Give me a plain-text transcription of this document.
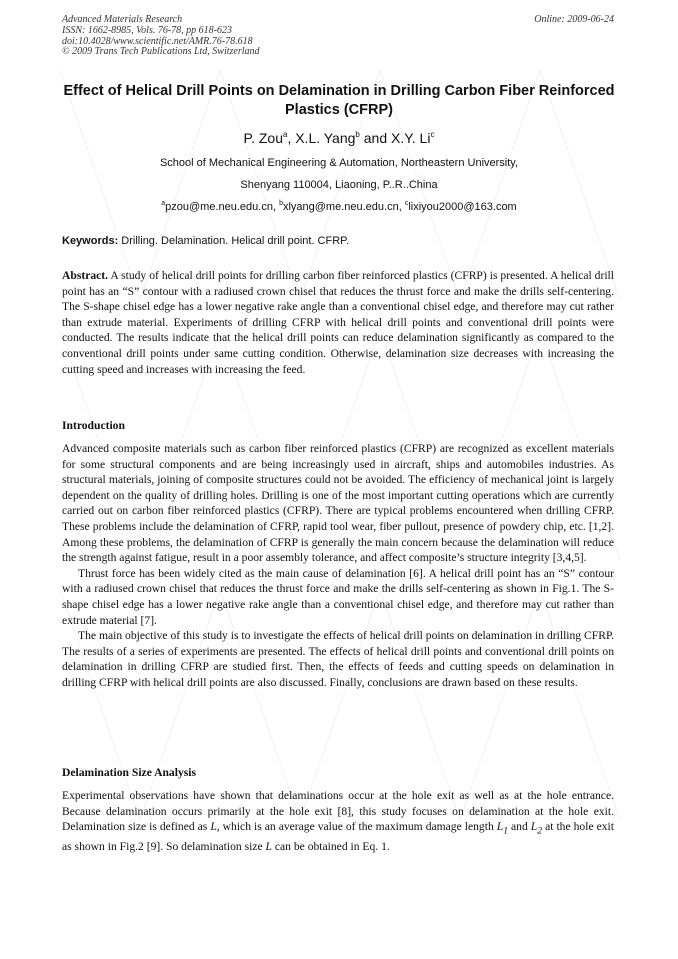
Advanced Materials Research
ISSN: 1662-8985, Vols. 76-78, pp 618-623
doi:10.4028/www.scientific.net/AMR.76-78.618
© 2009 Trans Tech Publications Ltd, Switzerland
Online: 2009-06-24
Effect of Helical Drill Points on Delamination in Drilling Carbon Fiber Reinforced Plastics (CFRP)
P. Zou$^a$, X.L. Yang$^b$ and X.Y. Li$^c$
School of Mechanical Engineering & Automation, Northeastern University,
Shenyang 110004, Liaoning, P..R..China
$^a$pzou@me.neu.edu.cn, $^b$xlyang@me.neu.edu.cn, $^c$lixiyou2000@163.com
Keywords: Drilling. Delamination. Helical drill point. CFRP.

Abstract. A study of helical drill points for drilling carbon fiber reinforced plastics (CFRP) is presented. A helical drill point has an “S” contour with a radiused crown chisel that reduces the thrust force and make the drills self-centering. The S-shape chisel edge has a lower negative rake angle than a conventional chisel edge, and therefore may cut rather than extrude material. Experiments of drilling CFRP with helical drill points and conventional drill points were conducted. The results indicate that the helical drill points can reduce delamination significantly as compared to the conventional drill points under same cutting condition. Otherwise, delamination size decreases with increasing the cutting speed and increases with increasing the feed.

Introduction

Advanced composite materials such as carbon fiber reinforced plastics (CFRP) are recognized as excellent materials for some structural components and are being increasingly used in aircraft, ships and automobiles industries. As structural materials, joining of composite structures could not be avoided. The efficiency of mechanical joint is largely dependent on the quality of drilling holes. Drilling is one of the most important cutting operations which are currently carried out on carbon fiber reinforced plastics (CFRP). There are typical problems encountered when drilling CFRP. These problems include the delamination of CFRP, rapid tool wear, fiber pullout, presence of powdery chip, etc. [1,2]. Among these problems, the delamination of CFRP is generally the main concern because the delamination will reduce the strength against fatigue, result in a poor assembly tolerance, and affect composite’s structure integrity [3,4,5].

Thrust force has been widely cited as the main cause of delamination [6]. A helical drill point has an “S” contour with a radiused crown chisel that reduces the thrust force and make the drills self-centering as shown in Fig.1. The S-shape chisel edge has a lower negative rake angle than a conventional chisel edge, and therefore may cut rather than extrude material [7].

The main objective of this study is to investigate the effects of helical drill points on delamination in drilling CFRP. The results of a series of experiments are presented. The effects of helical drill points and conventional drill points on delamination in drilling CFRP are studied first. Then, the effects of feeds and cutting speeds on delamination in drilling CFRP with helical drill points are also discussed. Finally, conclusions are drawn based on these results.

Delamination Size Analysis

Experimental observations have shown that delaminations occur at the hole exit as well as at the hole entrance. Because delamination occurs primarily at the hole exit [8], this study focuses on delamination at the hole exit. Delamination size is defined as L, which is an average value of the maximum damage length $L_1$ and $L_2$ at the hole exit as shown in Fig.2 [9]. So delamination size L can be obtained in Eq. 1.
